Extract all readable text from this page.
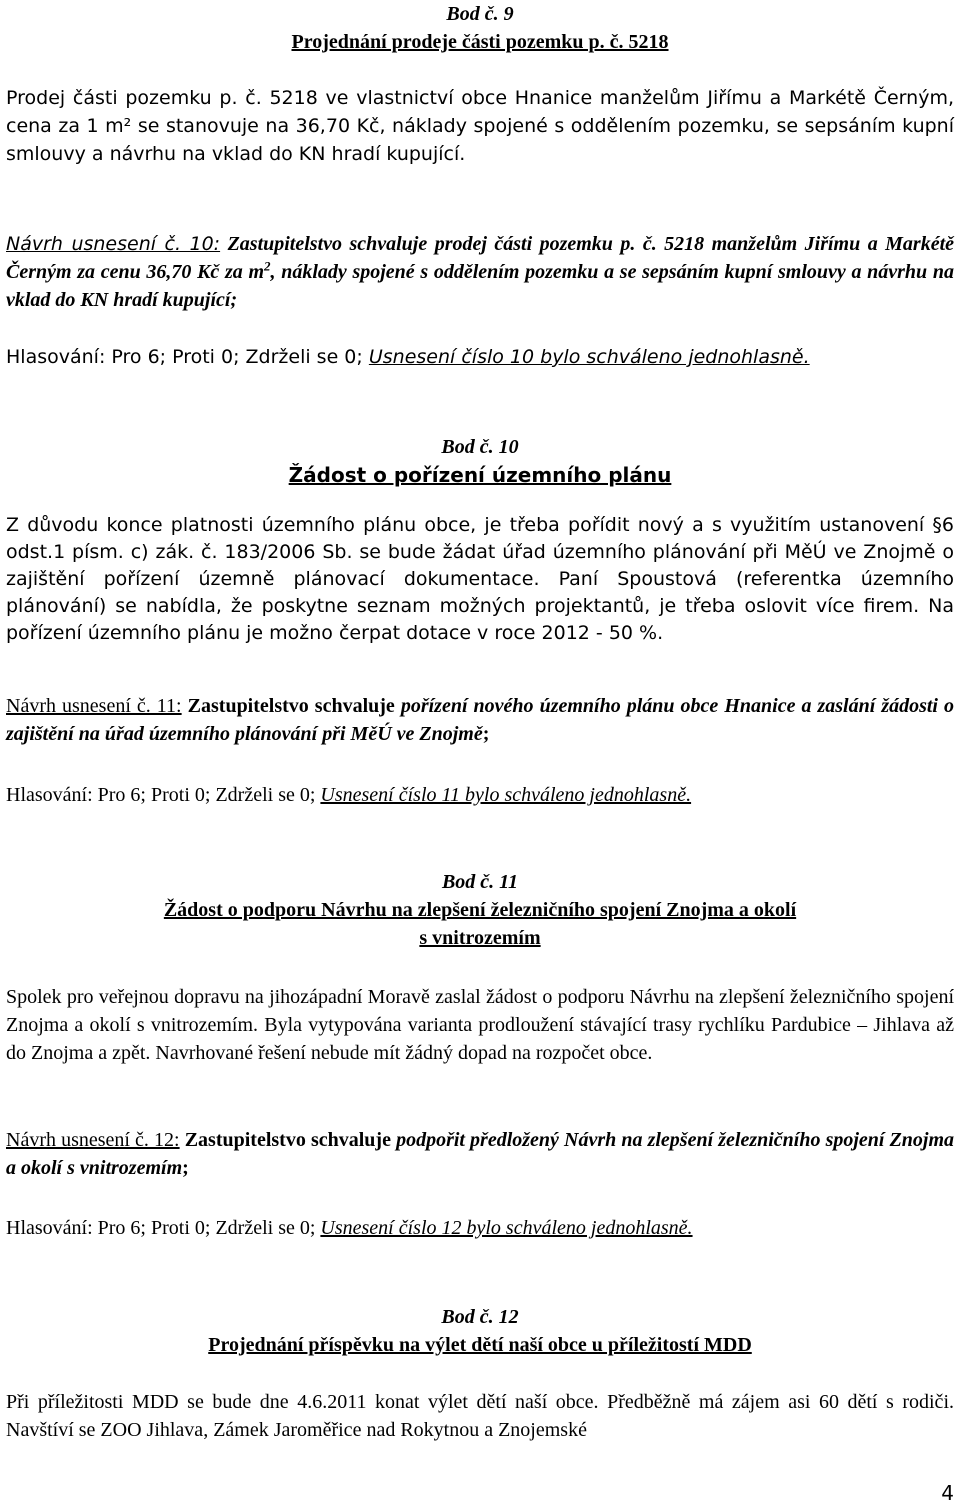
Bod č. 9

Projednání prodeje části pozemku p. č. 5218

Prodej části pozemku p. č. 5218 ve vlastnictví obce Hnanice manželům Jiřímu a Markétě Černým, cena za 1 m² se stanovuje na 36,70 Kč, náklady spojené s oddělením pozemku, se sepsáním kupní smlouvy a návrhu na vklad do KN hradí kupující.

Návrh usnesení č. 10: Zastupitelstvo schvaluje prodej části pozemku p. č. 5218 manželům Jiřímu a Markétě Černým za cenu 36,70 Kč za $m^2$, náklady spojené s oddělením pozemku a se sepsáním kupní smlouvy a návrhu na vklad do KN hradí kupující;

Hlasování: Pro 6; Proti 0; Zdrželi se 0; Usnesení číslo 10 bylo schváleno jednohlasně.

Bod č. 10

Žádost o pořízení územního plánu

Z důvodu konce platnosti územního plánu obce, je třeba pořídit nový a s využitím ustanovení §6 odst.1 písm. c) zák. č. 183/2006 Sb. se bude žádat úřad územního plánování při MěÚ ve Znojmě o zajištění pořízení územně plánovací dokumentace. Paní Spoustová (referentka územního plánování) se nabídla, že poskytne seznam možných projektantů, je třeba oslovit více firem. Na pořízení územního plánu je možno čerpat dotace v roce 2012 - 50 %.

Návrh usnesení č. 11: Zastupitelstvo schvaluje pořízení nového územního plánu obce Hnanice a zaslání žádosti o zajištění na úřad územního plánování při MěÚ ve Znojmě;

Hlasování: Pro 6; Proti 0; Zdrželi se 0; Usnesení číslo 11 bylo schváleno jednohlasně.

Bod č. 11

Žádost o podporu Návrhu na zlepšení železničního spojení Znojma a okolí

s vnitrozemím

Spolek pro veřejnou dopravu na jihozápadní Moravě zaslal žádost o podporu Návrhu na zlepšení železničního spojení Znojma a okolí s vnitrozemím. Byla vytypována varianta prodloužení stávající trasy rychlíku Pardubice – Jihlava až do Znojma a zpět. Navrhované řešení nebude mít žádný dopad na rozpočet obce.

Návrh usnesení č. 12: Zastupitelstvo schvaluje podpořit předložený Návrh na zlepšení železničního spojení Znojma a okolí s vnitrozemím;

Hlasování: Pro 6; Proti 0; Zdrželi se 0; Usnesení číslo 12 bylo schváleno jednohlasně.

Bod č. 12

Projednání příspěvku na výlet dětí naší obce u příležitostí MDD

Při příležitosti MDD se bude dne 4.6.2011 konat výlet dětí naší obce. Předběžně má zájem asi 60 dětí s rodiči. Navštíví se ZOO Jihlava, Zámek Jaroměřice nad Rokytnou a Znojemské

4
